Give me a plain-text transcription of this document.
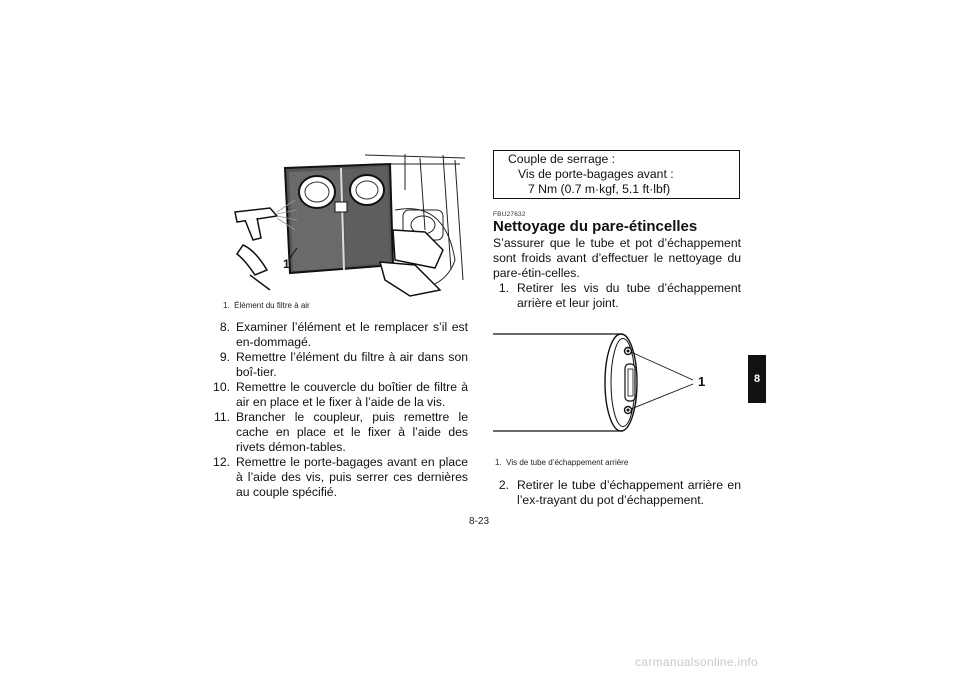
1
1. Élément du filtre à air
8. Examiner l’élément et le remplacer s’il est en-dommagé.
9. Remettre l’élément du filtre à air dans son boî-tier.
10. Remettre le couvercle du boîtier de filtre à air en place et le fixer à l’aide de la vis.
11. Brancher le coupleur, puis remettre le cache en place et le fixer à l’aide des rivets démon-tables.
12. Remettre le porte-bagages avant en place à l’aide des vis, puis serrer ces dernières au couple spécifié.
Couple de serrage :
Vis de porte-bagages avant :
7 Nm (0.7 m·kgf, 5.1 ft·lbf)
FBU27632
Nettoyage du pare-étincelles
S’assurer que le tube et pot d’échappement sont froids avant d’effectuer le nettoyage du pare-étin-celles.
1. Retirer les vis du tube d’échappement arrière et leur joint.
1
1. Vis de tube d’échappement arrière
2. Retirer le tube d’échappement arrière en l’ex-trayant du pot d’échappement.
8
8-23
carmanualsonline.info
